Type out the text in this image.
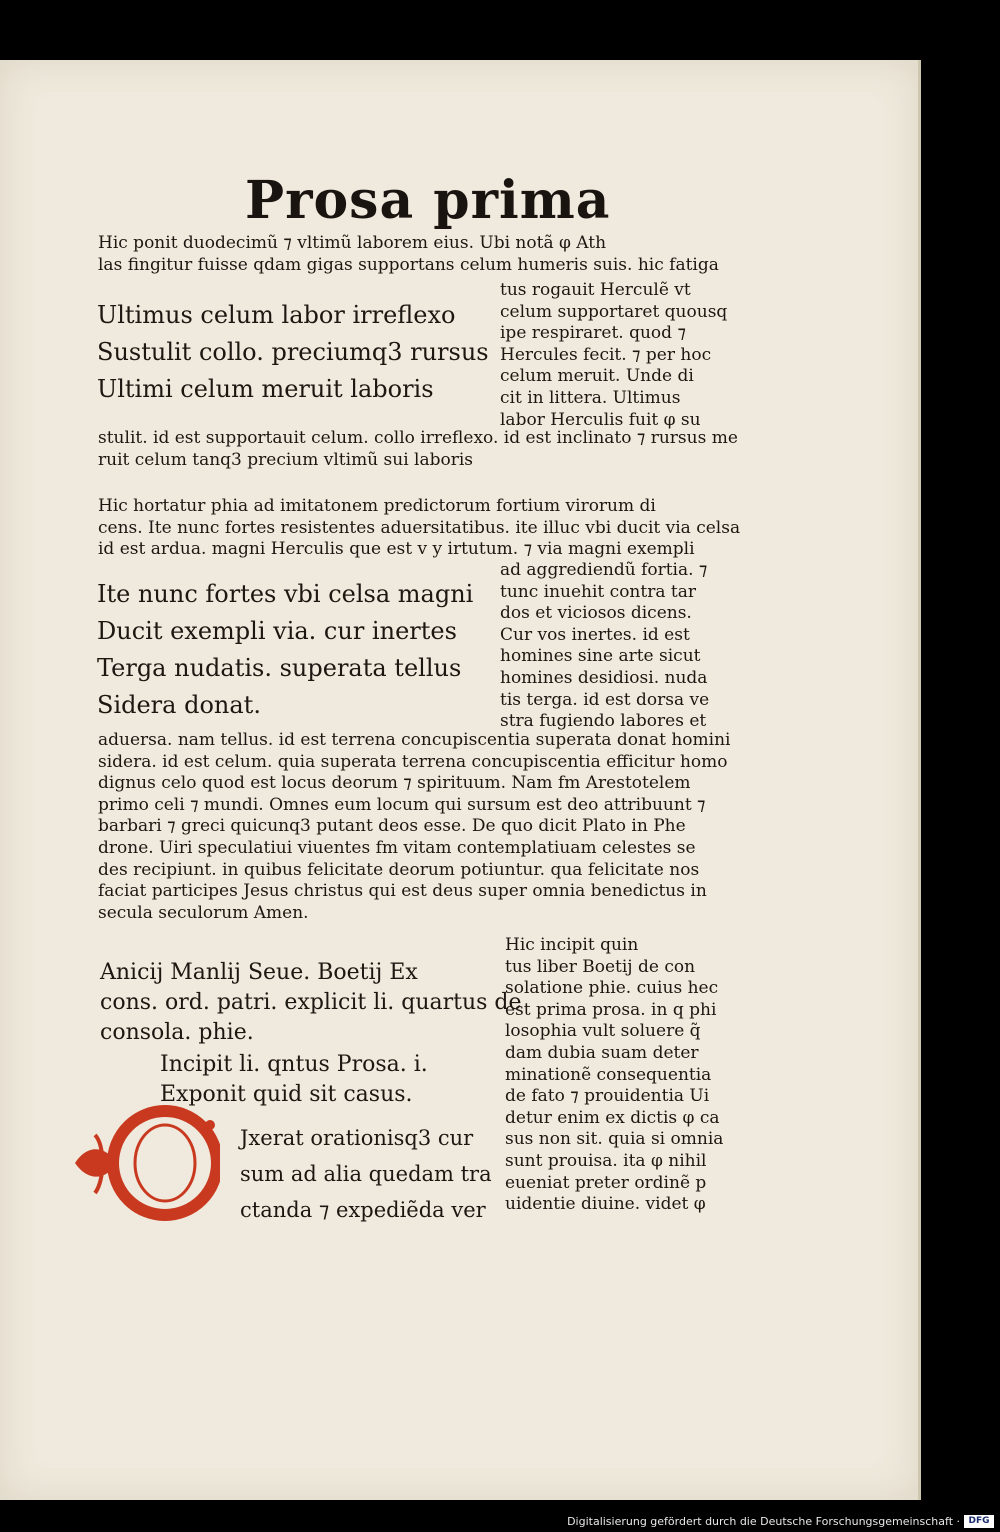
Prosa prima
Hic ponit duodecimũ ⁊ vltimũ laborem eius. Ubi notã φ Ath
las fingitur fuisse qdam gigas supportans celum humeris suis. hic fatiga
Ultimus celum labor irreflexo
Sustulit collo. preciumq3 rursus
Ultimi celum meruit laboris
tus rogauit Herculẽ vt
celum supportaret quousq
ipe respiraret. quod ⁊
Hercules fecit. ⁊ per hoc
celum meruit. Unde di
cit in littera. Ultimus
labor Herculis fuit φ su
stulit. id est supportauit celum. collo irreflexo. id est inclinato ⁊ rursus me
ruit celum tanq3 precium vltimũ sui laboris
Hic hortatur phia ad imitatonem predictorum fortium virorum di
cens. Ite nunc fortes resistentes aduersitatibus. ite illuc vbi ducit via celsa
id est ardua. magni Herculis que est v y irtutum. ⁊ via magni exempli
Ite nunc fortes vbi celsa magni
Ducit exempli via. cur inertes
Terga nudatis. superata tellus
Sidera donat.
ad aggrediendũ fortia. ⁊
tunc inuehit contra tar
dos et viciosos dicens.
Cur vos inertes. id est
homines sine arte sicut
homines desidiosi. nuda
tis terga. id est dorsa ve
stra fugiendo labores et
aduersa. nam tellus. id est terrena concupiscentia superata donat homini
sidera. id est celum. quia superata terrena concupiscentia efficitur homo
dignus celo quod est locus deorum ⁊ spirituum. Nam fm Arestotelem
primo celi ⁊ mundi. Omnes eum locum qui sursum est deo attribuunt ⁊
barbari ⁊ greci quicunq3 putant deos esse. De quo dicit Plato in Phe
drone. Uiri speculatiui viuentes fm vitam contemplatiuam celestes se
des recipiunt. in quibus felicitate deorum potiuntur. qua felicitate nos
faciat participes Jesus christus qui est deus super omnia benedictus in
secula seculorum Amen.
Anicij Manlij Seue. Boetij Ex
cons. ord. patri. explicit li. quartus de
consola. phie.
Incipit li. qntus Prosa. i.
Exponit quid sit casus.
Jxerat orationisq3 cur
sum ad alia quedam tra
ctanda ⁊ expediẽda ver
Hic incipit quin
tus liber Boetij de con
solatione phie. cuius hec
est prima prosa. in q phi
losophia vult soluere q̃
dam dubia suam deter
minationẽ consequentia
de fato ⁊ prouidentia Ui
detur enim ex dictis φ ca
sus non sit. quia si omnia
sunt prouisa. ita φ nihil
eueniat preter ordinẽ p
uidentie diuine. videt φ
Digitalisierung gefördert durch die Deutsche Forschungsgemeinschaft · DFG
